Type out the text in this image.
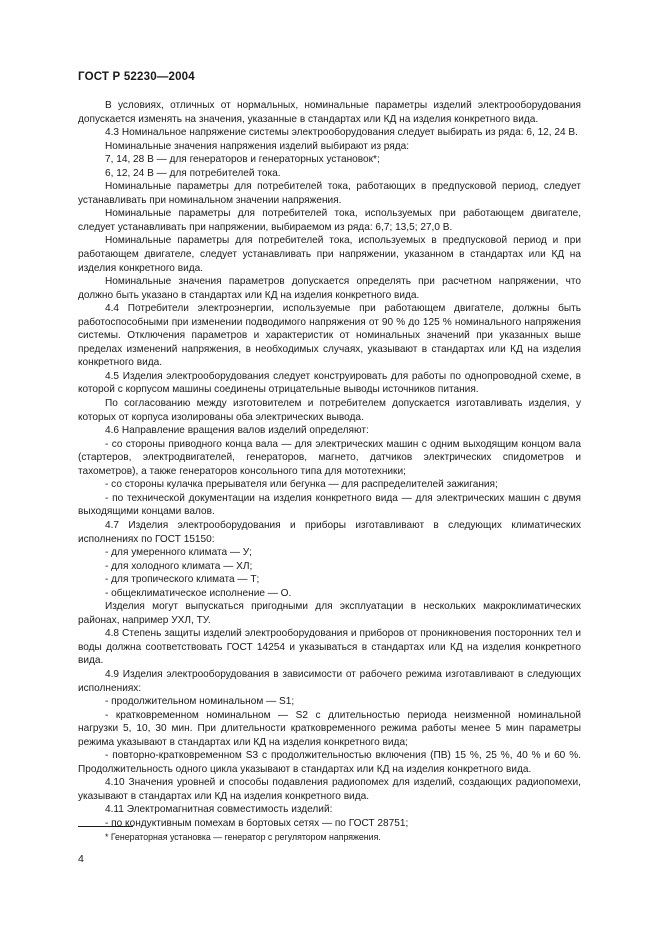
ГОСТ Р 52230—2004

В условиях, отличных от нормальных, номинальные параметры изделий электрооборудования допускается изменять на значения, указанные в стандартах или КД на изделия конкретного вида.

4.3 Номинальное напряжение системы электрооборудования следует выбирать из ряда: 6, 12, 24 В.

Номинальные значения напряжения изделий выбирают из ряда:

7, 14, 28 В — для генераторов и генераторных установок*;

6, 12, 24 В — для потребителей тока.

Номинальные параметры для потребителей тока, работающих в предпусковой период, следует устанавливать при номинальном значении напряжения.

Номинальные параметры для потребителей тока, используемых при работающем двигателе, следует устанавливать при напряжении, выбираемом из ряда: 6,7; 13,5; 27,0 В.

Номинальные параметры для потребителей тока, используемых в предпусковой период и при работающем двигателе, следует устанавливать при напряжении, указанном в стандартах или КД на изделия конкретного вида.

Номинальные значения параметров допускается определять при расчетном напряжении, что должно быть указано в стандартах или КД на изделия конкретного вида.

4.4 Потребители электроэнергии, используемые при работающем двигателе, должны быть работоспособными при изменении подводимого напряжения от 90 % до 125 % номинального напряжения системы. Отключения параметров и характеристик от номинальных значений при указанных выше пределах изменений напряжения, в необходимых случаях, указывают в стандартах или КД на изделия конкретного вида.

4.5 Изделия электрооборудования следует конструировать для работы по однопроводной схеме, в которой с корпусом машины соединены отрицательные выводы источников питания.

По согласованию между изготовителем и потребителем допускается изготавливать изделия, у которых от корпуса изолированы оба электрических вывода.

4.6 Направление вращения валов изделий определяют:

- со стороны приводного конца вала — для электрических машин с одним выходящим концом вала (стартеров, электродвигателей, генераторов, магнето, датчиков электрических спидометров и тахометров), а также генераторов консольного типа для мототехники;

- со стороны кулачка прерывателя или бегунка — для распределителей зажигания;

- по технической документации на изделия конкретного вида — для электрических машин с двумя выходящими концами валов.

4.7 Изделия электрооборудования и приборы изготавливают в следующих климатических исполнениях по ГОСТ 15150:

- для умеренного климата — У;

- для холодного климата — ХЛ;

- для тропического климата — Т;

- общеклиматическое исполнение — О.

Изделия могут выпускаться пригодными для эксплуатации в нескольких макроклиматических районах, например УХЛ, ТУ.

4.8 Степень защиты изделий электрооборудования и приборов от проникновения посторонних тел и воды должна соответствовать ГОСТ 14254 и указываться в стандартах или КД на изделия конкретного вида.

4.9 Изделия электрооборудования в зависимости от рабочего режима изготавливают в следующих исполнениях:

- продолжительном номинальном — S1;

- кратковременном номинальном — S2 с длительностью периода неизменной номинальной нагрузки 5, 10, 30 мин. При длительности кратковременного режима работы менее 5 мин параметры режима указывают в стандартах или КД на изделия конкретного вида;

- повторно-кратковременном S3 с продолжительностью включения (ПВ) 15 %, 25 %, 40 % и 60 %. Продолжительность одного цикла указывают в стандартах или КД на изделия конкретного вида.

4.10 Значения уровней и способы подавления радиопомех для изделий, создающих радиопомехи, указывают в стандартах или КД на изделия конкретного вида.

4.11 Электромагнитная совместимость изделий:

- по кондуктивным помехам в бортовых сетях — по ГОСТ 28751;

* Генераторная установка — генератор с регулятором напряжения.
4
